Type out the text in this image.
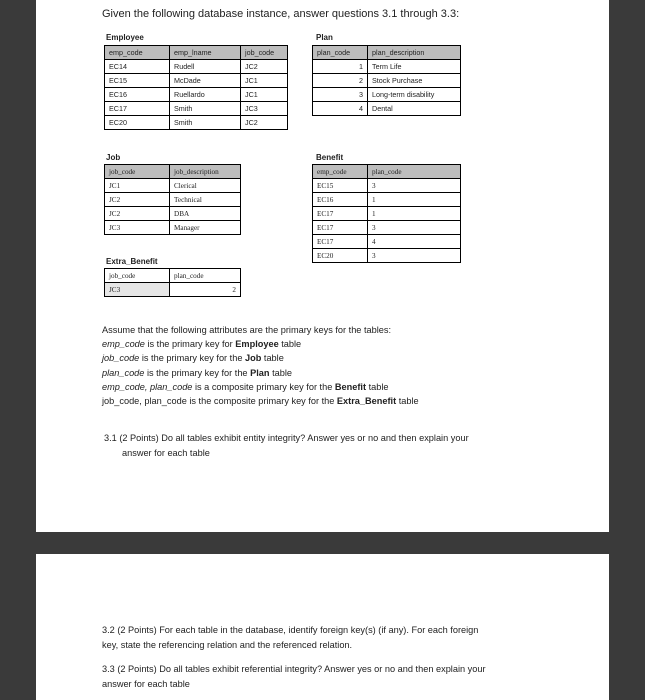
Given the following database instance, answer questions 3.1 through 3.3:
Employee
emp_code	emp_lname	job_code
EC14	Rudell	JC2
EC15	McDade	JC1
EC16	Ruellardo	JC1
EC17	Smith	JC3
EC20	Smith	JC2
Plan
plan_code	plan_description
1	Term Life
2	Stock Purchase
3	Long-term disability
4	Dental
Job
job_code	job_description
JC1	Clerical
JC2	Technical
JC2	DBA
JC3	Manager
Benefit
emp_code	plan_code
EC15	3
EC16	1
EC17	1
EC17	3
EC17	4
EC20	3
Extra_Benefit
job_code	plan_code
JC3	2
Assume that the following attributes are the primary keys for the tables:
emp_code is the primary key for Employee table
job_code is the primary key for the Job table
plan_code is the primary key for the Plan table
emp_code, plan_code is a composite primary key for the Benefit table
job_code, plan_code is the composite primary key for the Extra_Benefit table
3.1 (2 Points) Do all tables exhibit entity integrity? Answer yes or no and then explain your
answer for each table
3.2 (2 Points) For each table in the database, identify foreign key(s) (if any). For each foreign
key, state the referencing relation and the referenced relation.
3.3 (2 Points) Do all tables exhibit referential integrity? Answer yes or no and then explain your
answer for each table
